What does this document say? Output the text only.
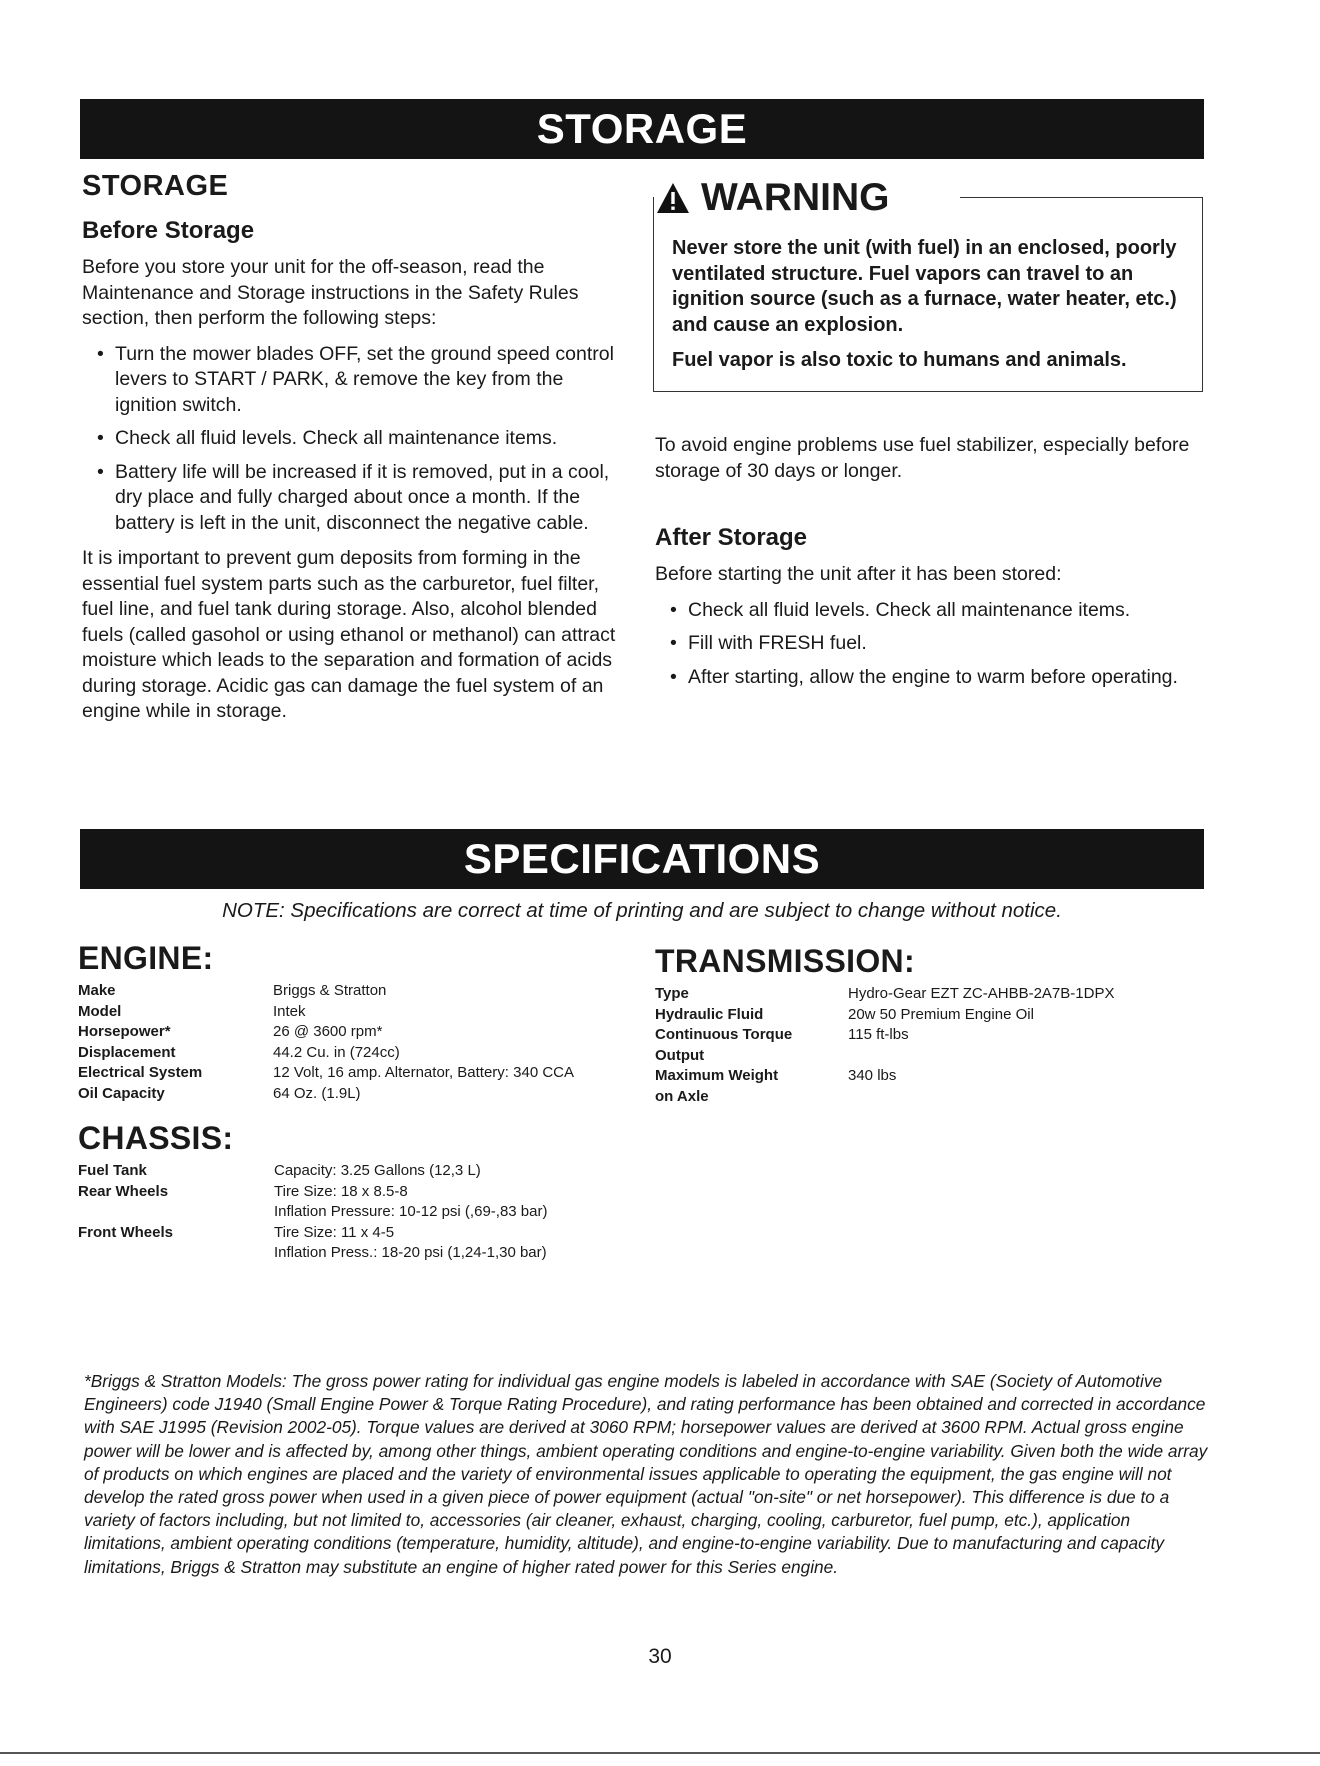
STORAGE
STORAGE
Before Storage

Before you store your unit for the off-season, read the Maintenance and Storage instructions in the Safety Rules section, then perform the following steps:

• Turn the mower blades OFF, set the ground speed control levers to START / PARK, & remove the key from the ignition switch.
• Check all fluid levels. Check all maintenance items.
• Battery life will be increased if it is removed, put in a cool, dry place and fully charged about once a month. If the battery is left in the unit, disconnect the negative cable.

It is important to prevent gum deposits from forming in the essential fuel system parts such as the carburetor, fuel filter, fuel line, and fuel tank during storage. Also, alcohol blended fuels (called gasohol or using ethanol or methanol) can attract moisture which leads to the separation and formation of acids during storage. Acidic gas can damage the fuel system of an engine while in storage.

WARNING

Never store the unit (with fuel) in an enclosed, poorly ventilated structure. Fuel vapors can travel to an ignition source (such as a furnace, water heater, etc.) and cause an explosion.

Fuel vapor is also toxic to humans and animals.

To avoid engine problems use fuel stabilizer, especially before storage of 30 days or longer.

After Storage

Before starting the unit after it has been stored:

• Check all fluid levels. Check all maintenance items.
• Fill with FRESH fuel.
• After starting, allow the engine to warm before operating.
SPECIFICATIONS
NOTE: Specifications are correct at time of printing and are subject to change without notice.
ENGINE:
Make	Briggs & Stratton
Model	Intek
Horsepower*	26 @ 3600 rpm*
Displacement	44.2 Cu. in (724cc)
Electrical System	12 Volt, 16 amp. Alternator, Battery: 340 CCA
Oil Capacity	64 Oz. (1.9L)
TRANSMISSION:
Type	Hydro-Gear EZT ZC-AHBB-2A7B-1DPX
Hydraulic Fluid	20w 50 Premium Engine Oil
Continuous Torque	115 ft-lbs
Output	
Maximum Weight	340 lbs
on Axle	
CHASSIS:
Fuel Tank	Capacity: 3.25 Gallons (12,3 L)
Rear Wheels	Tire Size: 18 x 8.5-8
	Inflation Pressure: 10-12 psi (,69-,83 bar)
Front Wheels	Tire Size: 11 x 4-5
	Inflation Press.: 18-20 psi (1,24-1,30 bar)

*Briggs & Stratton Models: The gross power rating for individual gas engine models is labeled in accordance with SAE (Society of Automotive Engineers) code J1940 (Small Engine Power & Torque Rating Procedure), and rating performance has been obtained and corrected in accordance with SAE J1995 (Revision 2002-05). Torque values are derived at 3060 RPM; horsepower values are derived at 3600 RPM. Actual gross engine power will be lower and is affected by, among other things, ambient operating conditions and engine-to-engine variability. Given both the wide array of products on which engines are placed and the variety of environmental issues applicable to operating the equipment, the gas engine will not develop the rated gross power when used in a given piece of power equipment (actual "on-site" or net horsepower). This difference is due to a variety of factors including, but not limited to, accessories (air cleaner, exhaust, charging, cooling, carburetor, fuel pump, etc.), application limitations, ambient operating conditions (temperature, humidity, altitude), and engine-to-engine variability. Due to manufacturing and capacity limitations, Briggs & Stratton may substitute an engine of higher rated power for this Series engine.

30
